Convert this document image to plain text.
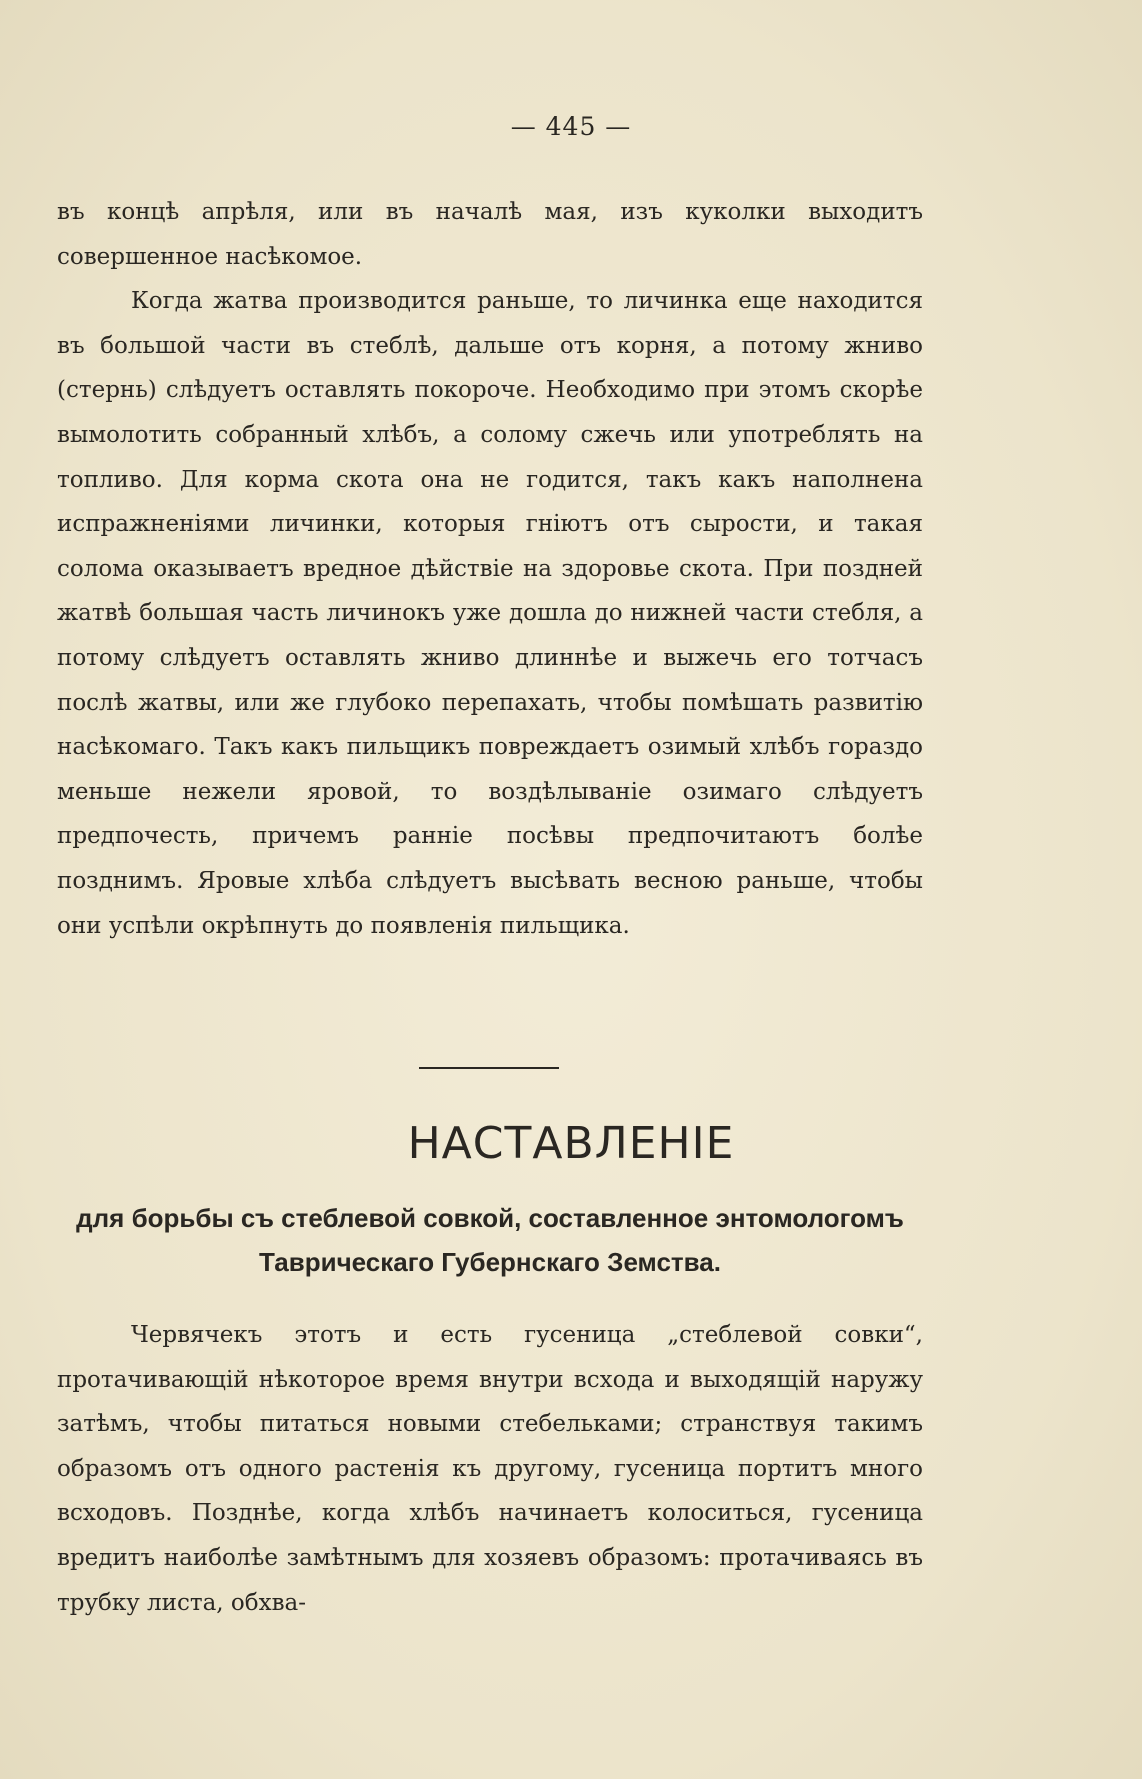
— 445 —

въ концѣ апрѣля, или въ началѣ мая, изъ куколки выходитъ совершенное насѣкомое.

Когда жатва производится раньше, то личинка еще находится въ большой части въ стеблѣ, дальше отъ корня, а потому жниво (стернь) слѣдуетъ оставлять покороче. Необходимо при этомъ скорѣе вымолотить собранный хлѣбъ, а солому сжечь или употреблять на топливо. Для корма скота она не годится, такъ какъ наполнена испражненіями личинки, которыя гніютъ отъ сырости, и такая солома оказываетъ вредное дѣйствіе на здоровье скота. При поздней жатвѣ большая часть личинокъ уже дошла до нижней части стебля, а потому слѣдуетъ оставлять жниво длиннѣе и выжечь его тотчасъ послѣ жатвы, или же глубоко перепахать, чтобы помѣшать развитію насѣкомаго. Такъ какъ пильщикъ повреждаетъ озимый хлѣбъ гораздо меньше нежели яровой, то воздѣлываніе озимаго слѣдуетъ предпочесть, причемъ ранніе посѣвы предпочитаютъ болѣе позднимъ. Яровые хлѣба слѣдуетъ высѣвать весною раньше, чтобы они успѣли окрѣпнуть до появленія пильщика.

НАСТАВЛЕНІЕ
для борьбы съ стеблевой совкой, составленное энтомологомъ Таврическаго Губернскаго Земства.

Червячекъ этотъ и есть гусеница „стеблевой совки“, протачивающій нѣкоторое время внутри всхода и выходящій наружу затѣмъ, чтобы питаться новыми стебельками; странствуя такимъ образомъ отъ одного растенія къ другому, гусеница портитъ много всходовъ. Позднѣе, когда хлѣбъ начинаетъ колоситься, гусеница вредитъ наиболѣе замѣтнымъ для хозяевъ образомъ: протачиваясь въ трубку листа, обхва-
